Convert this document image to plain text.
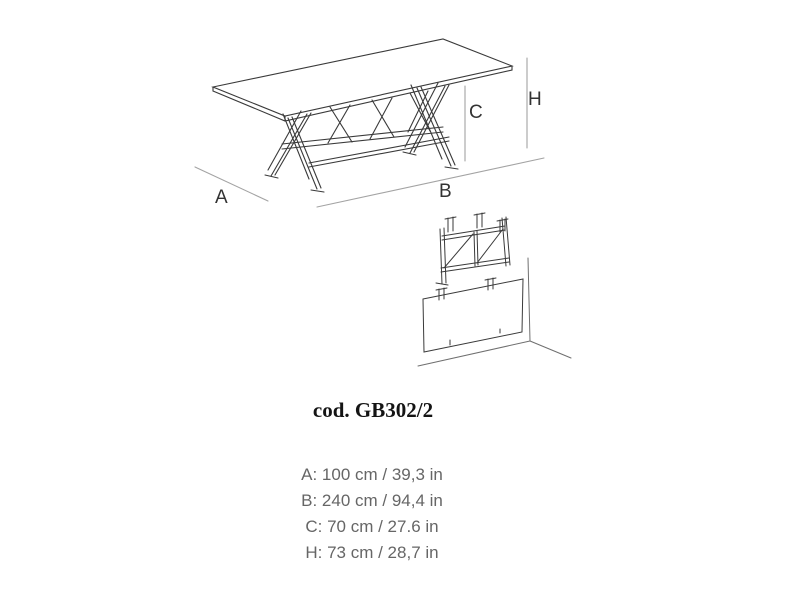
A	B
C
H
cod. GB302/2
A: 100 cm / 39,3 in
B: 240 cm / 94,4 in
C: 70 cm / 27.6 in
H: 73 cm / 28,7 in
